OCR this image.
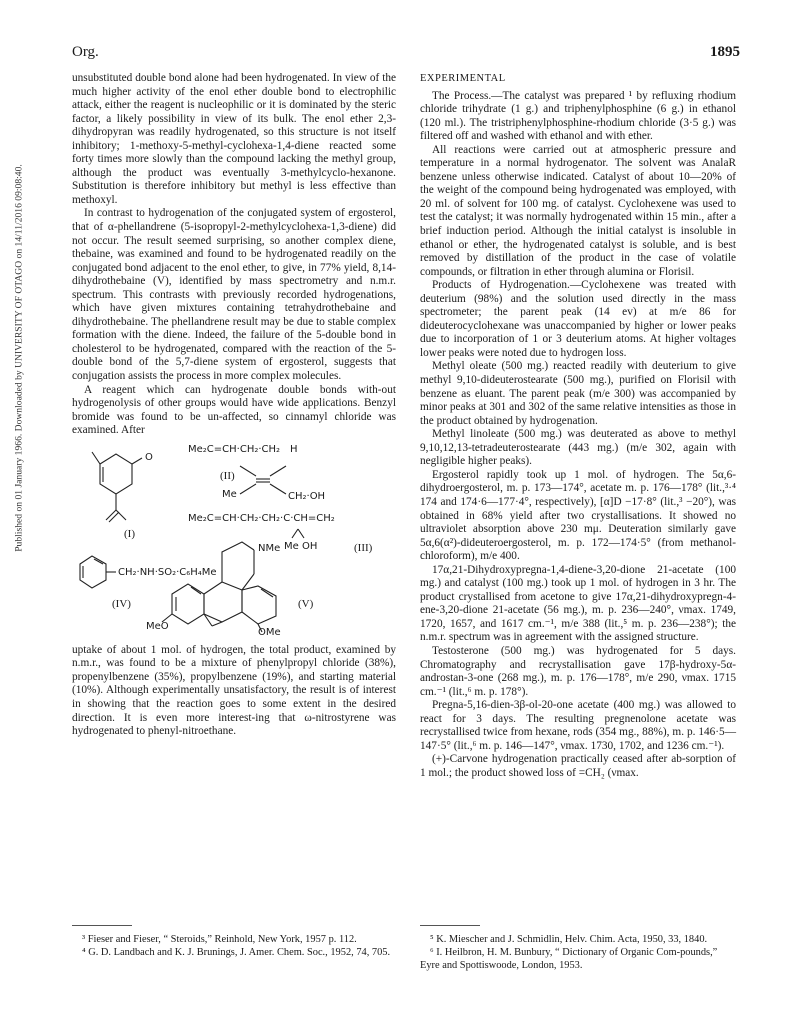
Org.	1895
Published on 01 January 1966. Downloaded by UNIVERSITY OF OTAGO on 14/11/2016 09:08:40.

unsubstituted double bond alone had been hydrogenated. In view of the much higher activity of the enol ether double bond to electrophilic attack, either the reagent is nucleophilic or it is dominated by the steric factor, a likely possibility in view of its bulk. The enol ether 2,3-dihydropyran was readily hydrogenated, so this structure is not itself inhibitory; 1-methoxy-5-methyl-cyclohexa-1,4-diene reacted some forty times more slowly than the compound lacking the methyl group, although the product was eventually 3-methylcyclo-hexanone. Substitution is therefore inhibitory but methyl is less effective than methoxyl.

In contrast to hydrogenation of the conjugated system of ergosterol, that of α-phellandrene (5-isopropyl-2-methylcyclohexa-1,3-diene) did not occur. The result seemed surprising, so another complex diene, thebaine, was examined and found to be hydrogenated readily on the conjugated bond adjacent to the enol ether, to give, in 77% yield, 8,14-dihydrothebaine (V), identified by mass spectrometry and n.m.r. spectrum. This contrasts with previously recorded hydrogenations, which have given mixtures containing tetrahydrothebaine and dihydrothebaine. The phellandrene result may be due to stable complex formation with the diene. Indeed, the failure of the 5-double bond in cholesterol to be hydrogenated, compared with the reaction of the 5-double bond of the 5,7-diene system of ergosterol, suggests that conjugation assists the process in more complex molecules.

A reagent which can hydrogenate double bonds with-out hydrogenolysis of other groups would have wide applications. Benzyl bromide was found to be un-affected, so cinnamyl chloride was examined. After

O
(I)
Me₂C=CH·CH₂·CH₂ H
Me	CH₂·OH
(II)
Me₂C=CH·CH₂·CH₂·C·CH=CH₂
Me OH	(III)
CH₂·NH·SO₂·C₆H₄Me
(IV)
NMe
MeO
OMe
(V)

uptake of about 1 mol. of hydrogen, the total product, examined by n.m.r., was found to be a mixture of phenylpropyl chloride (38%), propenylbenzene (35%), propylbenzene (19%), and starting material (10%). Although experimentally unsatisfactory, the result is of interest in showing that the reaction goes to some extent in the desired direction. It is even more interest-ing that ω-nitrostyrene was hydrogenated to phenyl-nitroethane.

EXPERIMENTAL

The Process.—The catalyst was prepared ¹ by refluxing rhodium chloride trihydrate (1 g.) and triphenylphosphine (6 g.) in ethanol (120 ml.). The tristriphenylphosphine-rhodium chloride (3·5 g.) was filtered off and washed with ethanol and with ether.

All reactions were carried out at atmospheric pressure and temperature in a normal hydrogenator. The solvent was AnalaR benzene unless otherwise indicated. Catalyst of about 10—20% of the weight of the compound being hydrogenated was employed, with 20 ml. of solvent for 100 mg. of catalyst. Cyclohexene was used to test the catalyst; it was normally hydrogenated within 15 min., after a brief induction period. Although the initial catalyst is insoluble in ethanol or ether, the hydrogenated catalyst is soluble, and is best removed by distillation of the product in the case of volatile compounds, or filtration in ether through alumina or Florisil.

Products of Hydrogenation.—Cyclohexene was treated with deuterium (98%) and the solution used directly in the mass spectrometer; the parent peak (14 ev) at m/e 86 for dideuterocyclohexane was unaccompanied by higher or lower peaks due to incorporation of 1 or 3 deuterium atoms. At higher voltages lower peaks were noted due to hydrogen loss.

Methyl oleate (500 mg.) reacted readily with deuterium to give methyl 9,10-dideuterostearate (500 mg.), purified on Florisil with benzene as eluant. The parent peak (m/e 300) was accompanied by minor peaks at 301 and 302 of the same relative intensities as those in the product obtained by hydrogenation.

Methyl linoleate (500 mg.) was deuterated as above to methyl 9,10,12,13-tetradeuterostearate (443 mg.) (m/e 302, again with negligible higher peaks).

Ergosterol rapidly took up 1 mol. of hydrogen. The 5α,6-dihydroergosterol, m. p. 173—174°, acetate m. p. 176—178° (lit.,³·⁴ 174 and 174·6—177·4°, respectively), [α]D −17·8° (lit.,³ −20°), was obtained in 68% yield after two crystallisations. It showed no ultraviolet absorption above 230 mμ. Deuteration similarly gave 5α,6(α²)-dideuteroergosterol, m. p. 172—174·5° (from methanol-chloroform), m/e 400.

17α,21-Dihydroxypregna-1,4-diene-3,20-dione 21-acetate (100 mg.) and catalyst (100 mg.) took up 1 mol. of hydrogen in 3 hr. The product crystallised from acetone to give 17α,21-dihydroxypregn-4-ene-3,20-dione 21-acetate (56 mg.), m. p. 236—240°, νmax. 1749, 1720, 1657, and 1617 cm.⁻¹, m/e 388 (lit.,⁵ m. p. 236—238°); the n.m.r. spectrum was in agreement with the assigned structure.

Testosterone (500 mg.) was hydrogenated for 5 days. Chromatography and recrystallisation gave 17β-hydroxy-5α-androstan-3-one (268 mg.), m. p. 176—178°, m/e 290, νmax. 1715 cm.⁻¹ (lit.,⁶ m. p. 178°).

Pregna-5,16-dien-3β-ol-20-one acetate (400 mg.) was allowed to react for 3 days. The resulting pregnenolone acetate was recrystallised twice from hexane, rods (354 mg., 88%), m. p. 146·5—147·5° (lit.,⁶ m. p. 146—147°, νmax. 1730, 1702, and 1236 cm.⁻¹).

(+)-Carvone hydrogenation practically ceased after ab-sorption of 1 mol.; the product showed loss of =CH₂ (νmax.

³ Fieser and Fieser, “ Steroids,” Reinhold, New York, 1957 p. 112.

⁴ G. D. Landbach and K. J. Brunings, J. Amer. Chem. Soc., 1952, 74, 705.

⁵ K. Miescher and J. Schmidlin, Helv. Chim. Acta, 1950, 33, 1840.

⁶ I. Heilbron, H. M. Bunbury, “ Dictionary of Organic Com-pounds,” Eyre and Spottiswoode, London, 1953.
